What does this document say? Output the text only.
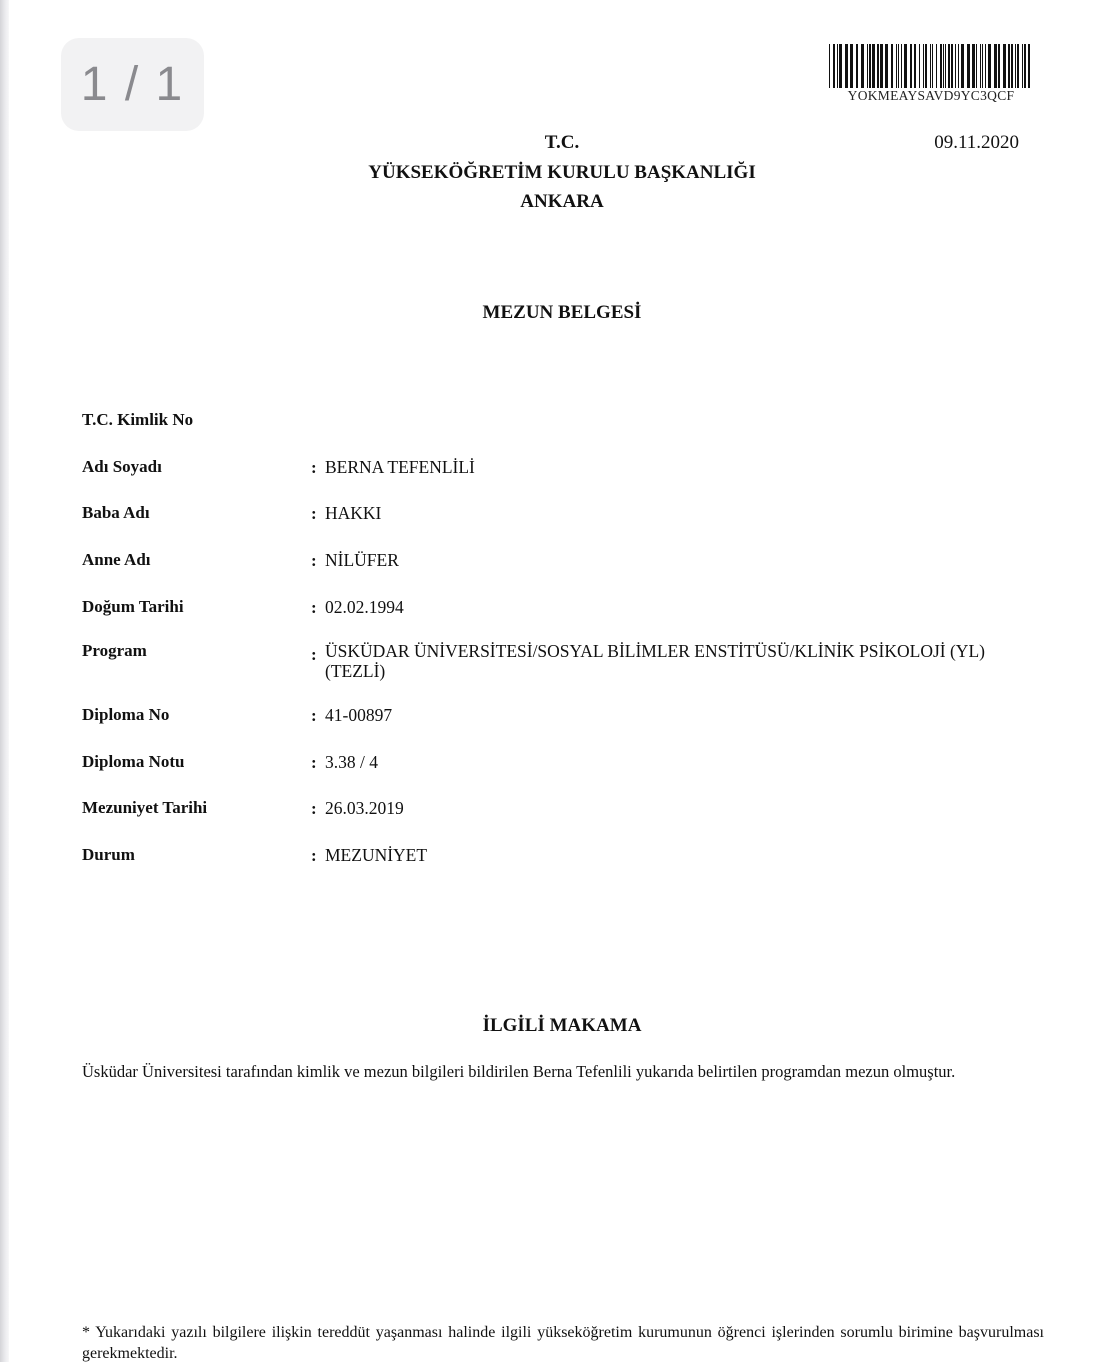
1 / 1	YOKMEAYSAVD9YC3QCF
09.11.2020
T.C.
YÜKSEKÖĞRETİM KURULU BAŞKANLIĞI
ANKARA
MEZUN BELGESİ
T.C. Kimlik No
Adı Soyadı	: BERNA TEFENLİLİ
Baba Adı	: HAKKI
Anne Adı	: NİLÜFER
Doğum Tarihi	: 02.02.1994
Program	: ÜSKÜDAR ÜNİVERSİTESİ/SOSYAL BİLİMLER ENSTİTÜSÜ/KLİNİK PSİKOLOJİ (YL) (TEZLİ)
Diploma No	: 41-00897
Diploma Notu	: 3.38 / 4
Mezuniyet Tarihi	: 26.03.2019
Durum	: MEZUNİYET
İLGİLİ MAKAMA
Üsküdar Üniversitesi tarafından kimlik ve mezun bilgileri bildirilen Berna Tefenlili yukarıda belirtilen programdan mezun olmuştur.
* Yukarıdaki yazılı bilgilere ilişkin tereddüt yaşanması halinde ilgili yükseköğretim kurumunun öğrenci işlerinden sorumlu birimine başvurulması gerekmektedir.
